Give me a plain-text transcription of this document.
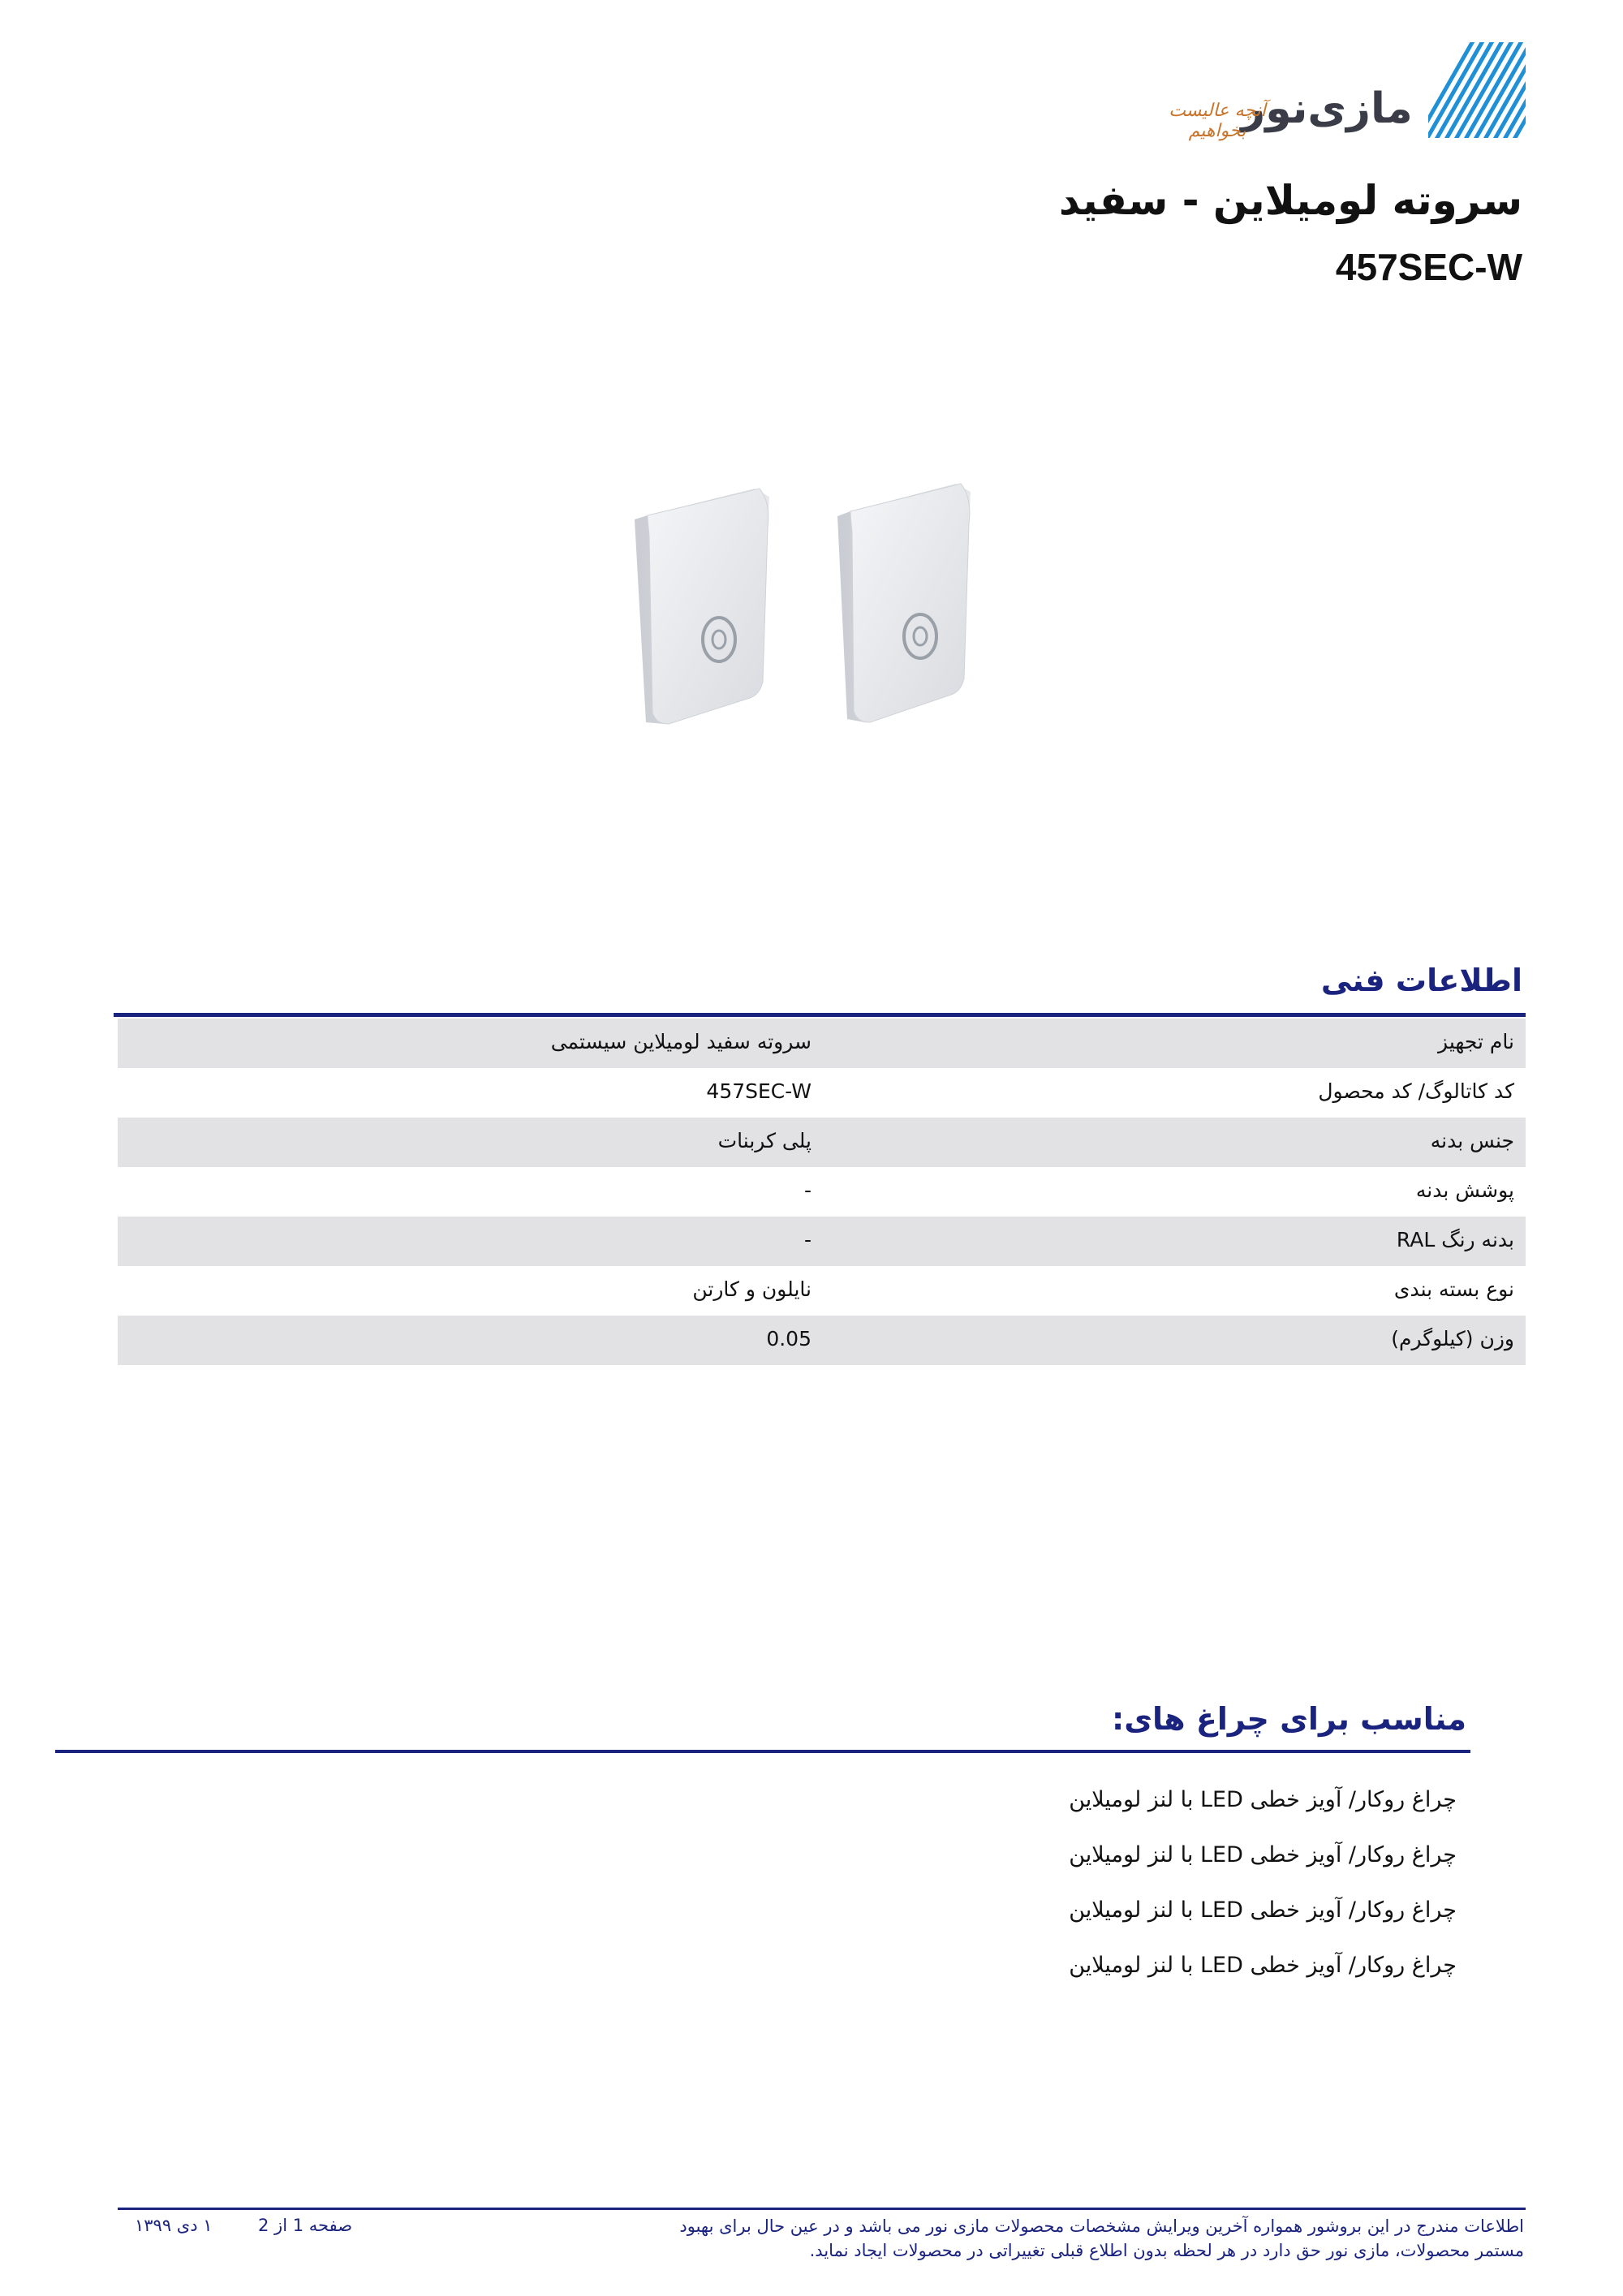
مازی‌نور
آنچه عالیست بخواهیم
سروته لومیلاین - سفید
457SEC-W
اطلاعات فنی
نام تجهیز
سروته سفید لومیلاین سیستمی
کد کاتالوگ/ کد محصول
457SEC-W
جنس بدنه
پلی کربنات
پوشش بدنه
-
بدنه رنگ RAL
-
نوع بسته بندی
نایلون و کارتن
وزن (کیلوگرم)
0.05
مناسب برای چراغ های:
چراغ روکار/ آویز خطی LED با لنز لومیلاین
چراغ روکار/ آویز خطی LED با لنز لومیلاین
چراغ روکار/ آویز خطی LED با لنز لومیلاین
چراغ روکار/ آویز خطی LED با لنز لومیلاین
اطلاعات مندرج در این بروشور همواره آخرین ویرایش مشخصات محصولات مازی نور می باشد و در عین حال برای بهبود مستمر محصولات، مازی نور حق دارد در هر لحظه بدون اطلاع قبلی تغییراتی در محصولات ایجاد نماید.
صفحه 1 از 2
۱ دی ۱۳۹۹
